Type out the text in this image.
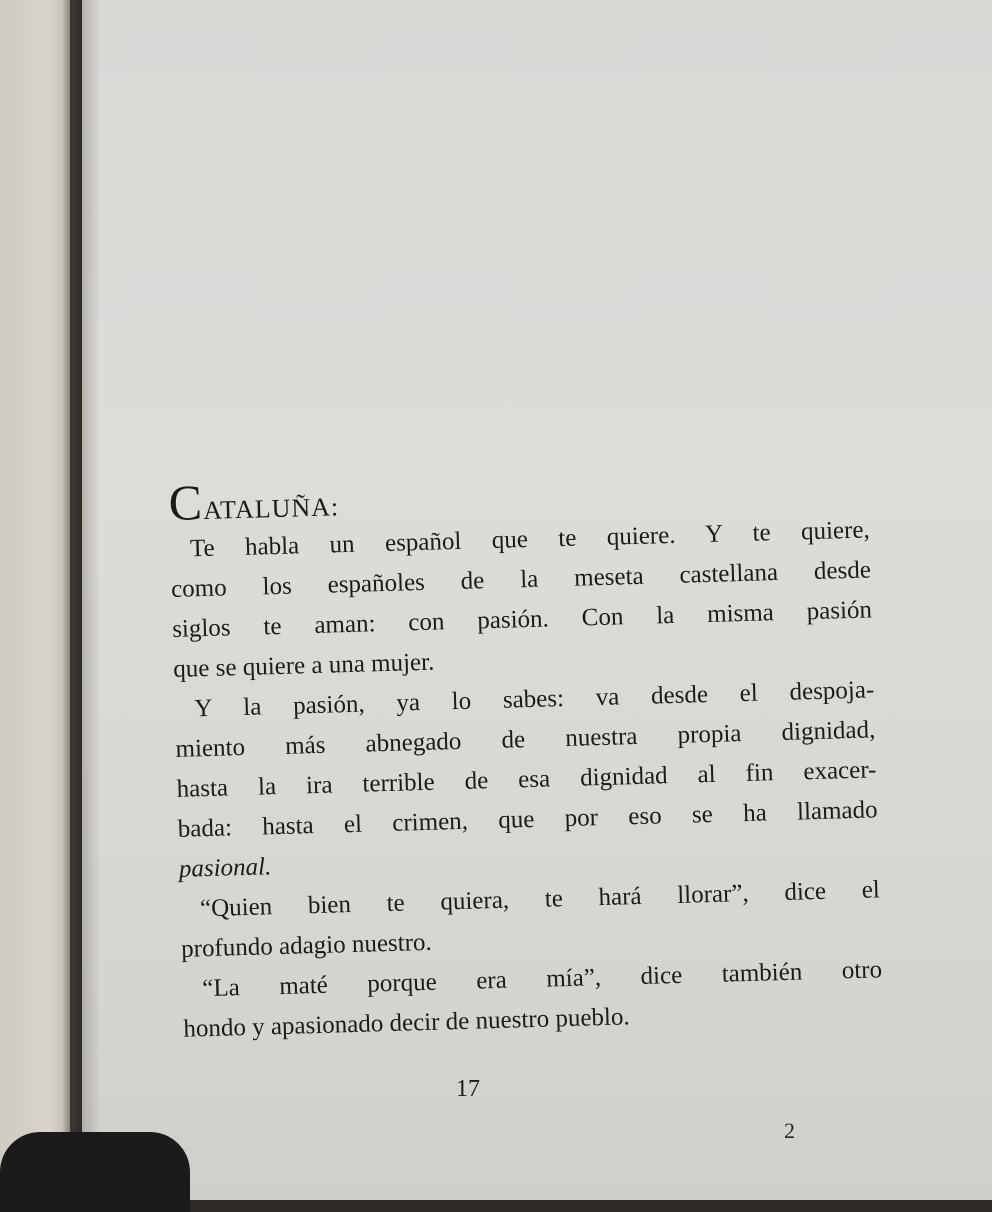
CATALUÑA:

Te habla un español que te quiere. Y te quiere,
como los españoles de la meseta castellana desde
siglos te aman: con pasión. Con la misma pasión
que se quiere a una mujer.

Y la pasión, ya lo sabes: va desde el despoja-
miento más abnegado de nuestra propia dignidad,
hasta la ira terrible de esa dignidad al fin exacer-
bada: hasta el crimen, que por eso se ha llamado
pasional.

“Quien bien te quiera, te hará llorar”, dice el
profundo adagio nuestro.

“La maté porque era mía”, dice también otro
hondo y apasionado decir de nuestro pueblo.

17
2
